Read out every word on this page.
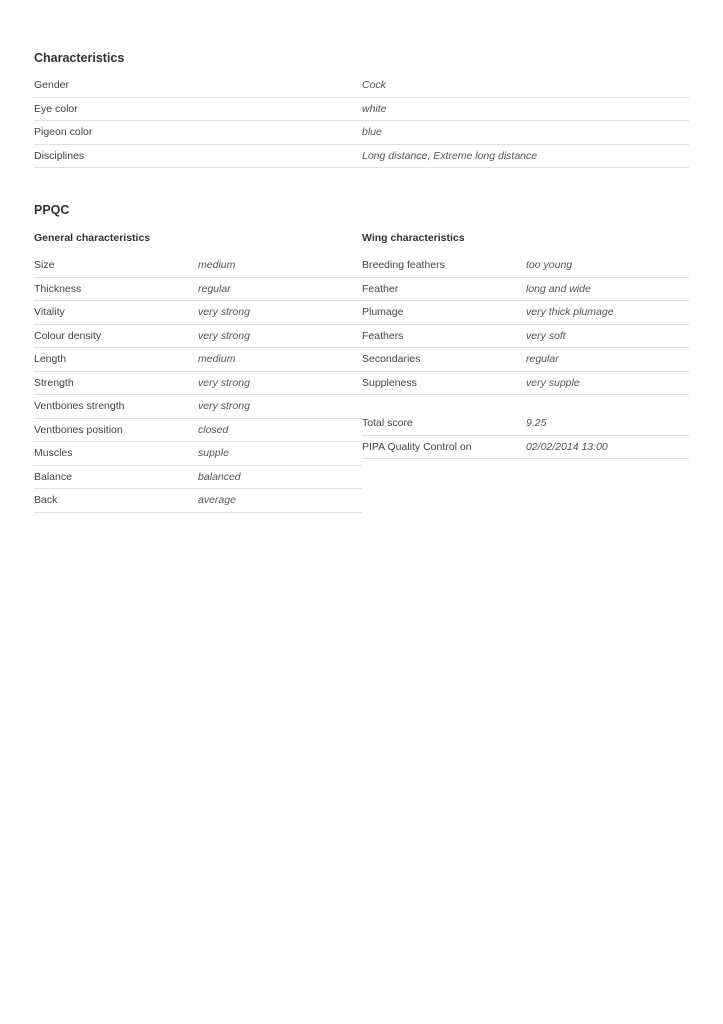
Characteristics
Gender	Cock
Eye color	white
Pigeon color	blue
Disciplines	Long distance, Extreme long distance
PPQC
General characteristics
Size	medium
Thickness	regular
Vitality	very strong
Colour density	very strong
Length	medium
Strength	very strong
Ventbones strength	very strong
Ventbones position	closed
Muscles	supple
Balance	balanced
Back	average
Wing characteristics
Breeding feathers	too young
Feather	long and wide
Plumage	very thick plumage
Feathers	very soft
Secondaries	regular
Suppleness	very supple
Total score	9.25
PIPA Quality Control on	02/02/2014 13:00
